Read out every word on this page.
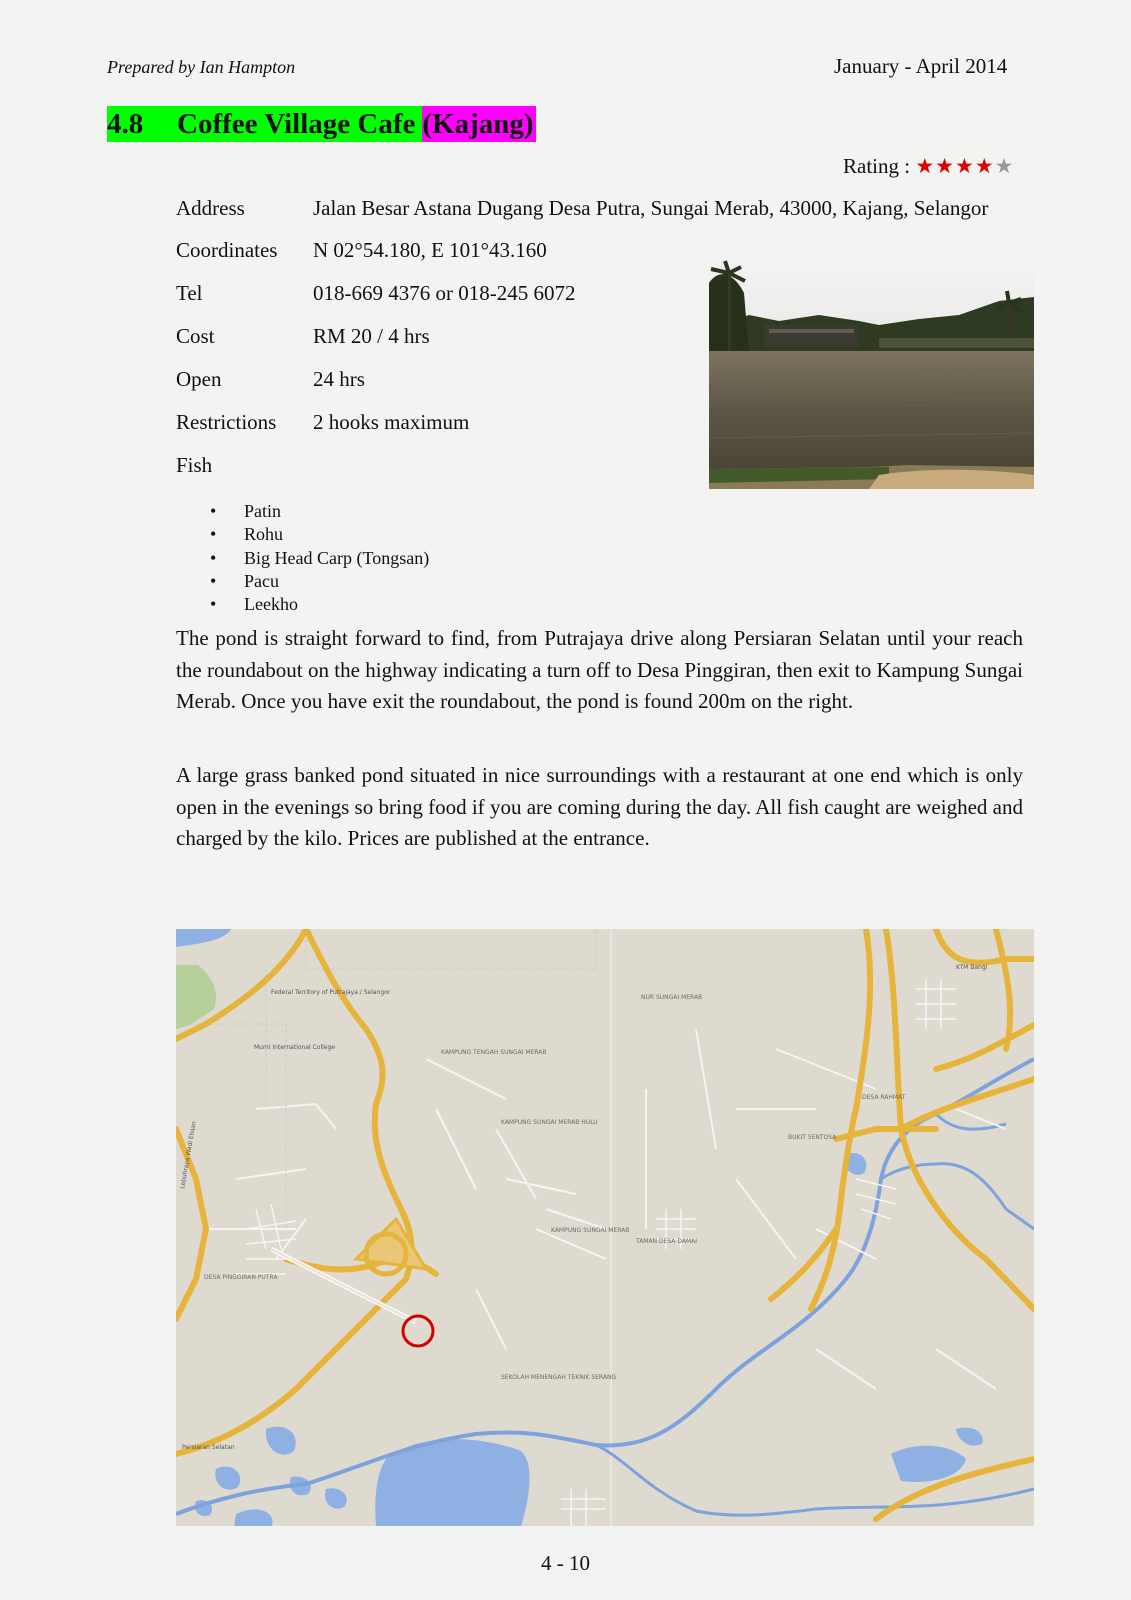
Prepared by Ian Hampton	January - April 2014
4.8 Coffee Village Cafe (Kajang)
Rating : ★★★★★
Address	Jalan Besar Astana Dugang Desa Putra, Sungai Merab, 43000, Kajang, Selangor
Coordinates N 02°54.180, E 101°43.160
Tel	018-669 4376 or 018-245 6072
Cost	RM 20 / 4 hrs
Open	24 hrs
Restrictions 2 hooks maximum
Fish
• Patin
• Rohu
• Big Head Carp (Tongsan)
• Pacu
• Leekho

The pond is straight forward to find, from Putrajaya drive along Persiaran Selatan until your reach the roundabout on the highway indicating a turn off to Desa Pinggiran, then exit to Kampung Sungai Merab. Once you have exit the roundabout, the pond is found 200m on the right.

A large grass banked pond situated in nice surroundings with a restaurant at one end which is only open in the evenings so bring food if you are coming during the day. All fish caught are weighed and charged by the kilo. Prices are published at the entrance.

KAMPUNG TENGAH SUNGAI MERAB
KAMPUNG SUNGAI MERAB HULU
NUR SUNGAI MERAB
DESA PINGGIRAN PUTRA
KAMPUNG SUNGAI MERAB
TAMAN DESA DAMAI
SEKOLAH MENENGAH TEKNIK SERANG
BUKIT SENTOSA
DESA RAHMAT
KTM Bangi
Persiaran Selatan
Lebuhraya Wadi Ehsan
Mumi International College
Federal Territory of Putrajaya / Selangor
4 - 10
